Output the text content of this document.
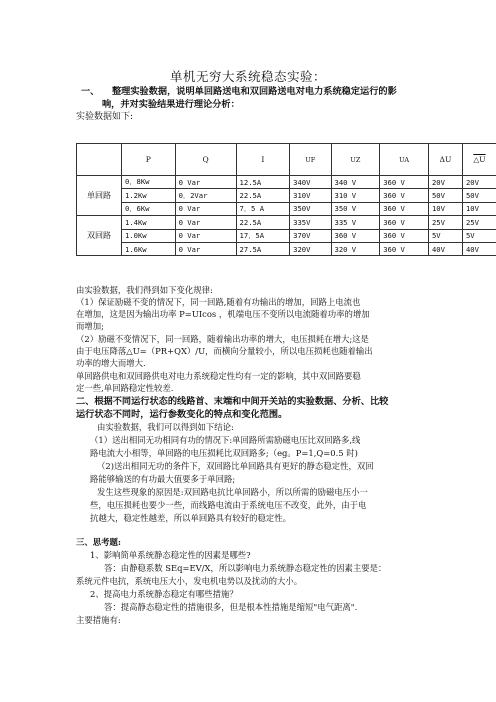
单机无穷大系统稳态实验：
一、 整理实验数据，说明单回路送电和双回路送电对电力系统稳定运行的影
响，并对实验结果进行理论分析：
实验数据如下:
	P	Q	I	UF	UZ	UA	ΔU	△U
单回路	0．8Kw	0 Var	12.5A	340V	340 V	360 V	20V	20V
	1.2Kw	0．2Var	22.5A	310V	310 V	360 V	50V	50V
	0．6Kw	0 Var	7．5 A	350V	350 V	360 V	10V	10V
双回路	1.4Kw	0 Var	22.5A	335V	335 V	360 V	25V	25V
	1.0Kw	0 Var	17．5A	370V	360 V	360 V	5V	5V
	1.6Kw	0 Var	27.5A	320V	320 V	360 V	40V	40V
由实验数据，我们得到如下变化规律:
（1）保证励磁不变的情况下，同一回路,随着有功输出的增加，回路上电流也
在增加，这是因为输出功率 P=UIcos ，机端电压不变所以电流随着功率的增加
而增加;
（2）励磁不变情况下，同一回路，随着输出功率的增大，电压损耗在增大;这是
由于电压降落△U=（PR+QX）/U，而横向分量较小，所以电压损耗也随着输出
功率的增大而增大.
单回路供电和双回路供电对电力系统稳定性均有一定的影响，其中双回路要稳
定一些,单回路稳定性较差.
二、根据不同运行状态的线路首、末端和中间开关站的实验数据、分析、比较
运行状态不同时，运行参数变化的特点和变化范围。
由实验数据，我们可以得到如下结论:
（1）送出相同无功相同有功的情况下:单回路所需励磁电压比双回路多,线
路电流大小相等，单回路的电压损耗比双回路多;（eg。P=1,Q=0.5 时)
（2)送出相同无功的条件下，双回路比单回路具有更好的静态稳定性，双回
路能够输送的有功最大值要多于单回路;
发生这些现象的原因是:双回路电抗比单回路小，所以所需的励磁电压小一
些，电压损耗也要少一些，而线路电流由于系统电压不改变，此外，由于电
抗越大，稳定性越差，所以单回路具有较好的稳定性。
三、思考题:
1、影响简单系统静态稳定性的因素是哪些?
答：由静稳系数 SEq=EV/X，所以影响电力系统静态稳定性的因素主要是：
系统元件电抗，系统电压大小，发电机电势以及扰动的大小。
2、提高电力系统静态稳定有哪些措施？
答：提高静态稳定性的措施很多，但是根本性措施是缩短"电气距离".
主要措施有:
